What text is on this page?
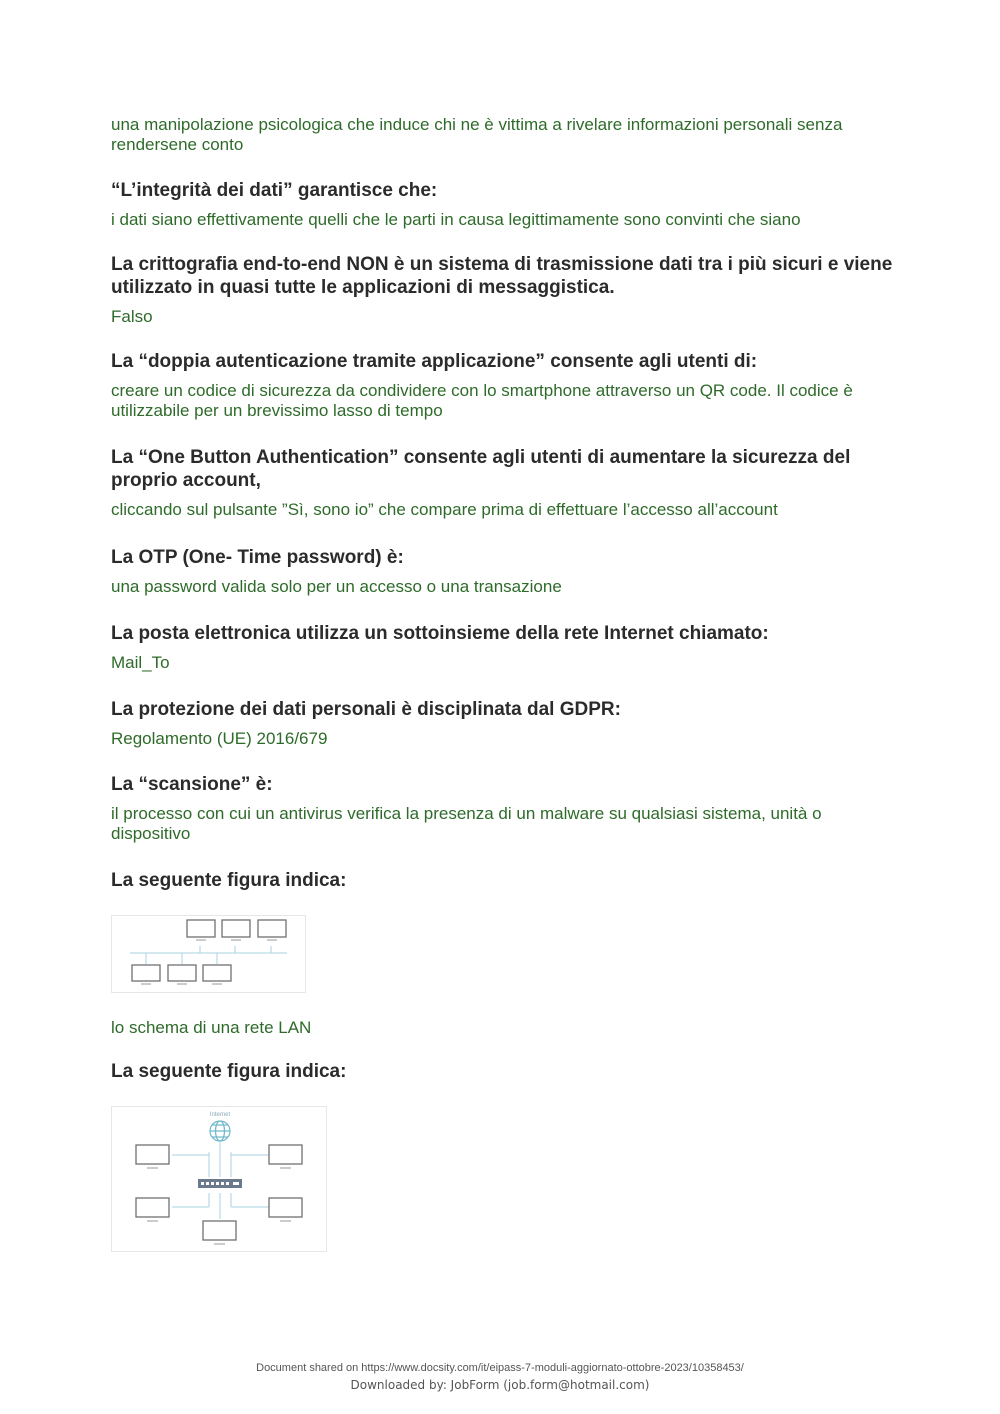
una manipolazione psicologica che induce chi ne è vittima a rivelare informazioni personali senza rendersene conto

“L’integrità dei dati” garantisce che:

i dati siano effettivamente quelli che le parti in causa legittimamente sono convinti che siano

La crittografia end-to-end NON è un sistema di trasmissione dati tra i più sicuri e viene utilizzato in quasi tutte le applicazioni di messaggistica.

Falso

La “doppia autenticazione tramite applicazione” consente agli utenti di:

creare un codice di sicurezza da condividere con lo smartphone attraverso un QR code. Il codice è utilizzabile per un brevissimo lasso di tempo

La “One Button Authentication” consente agli utenti di aumentare la sicurezza del proprio account,

cliccando sul pulsante ”Sì, sono io” che compare prima di effettuare l’accesso all’account

La OTP (One- Time password) è:

una password valida solo per un accesso o una transazione

La posta elettronica utilizza un sottoinsieme della rete Internet chiamato:

Mail_To

La protezione dei dati personali è disciplinata dal GDPR:

Regolamento (UE) 2016/679

La “scansione” è:

il processo con cui un antivirus verifica la presenza di un malware su qualsiasi sistema, unità o dispositivo

La seguente figura indica:

lo schema di una rete LAN

La seguente figura indica:

Internet
Document shared on https://www.docsity.com/it/eipass-7-moduli-aggiornato-ottobre-2023/10358453/
Downloaded by: JobForm (job.form@hotmail.com)
